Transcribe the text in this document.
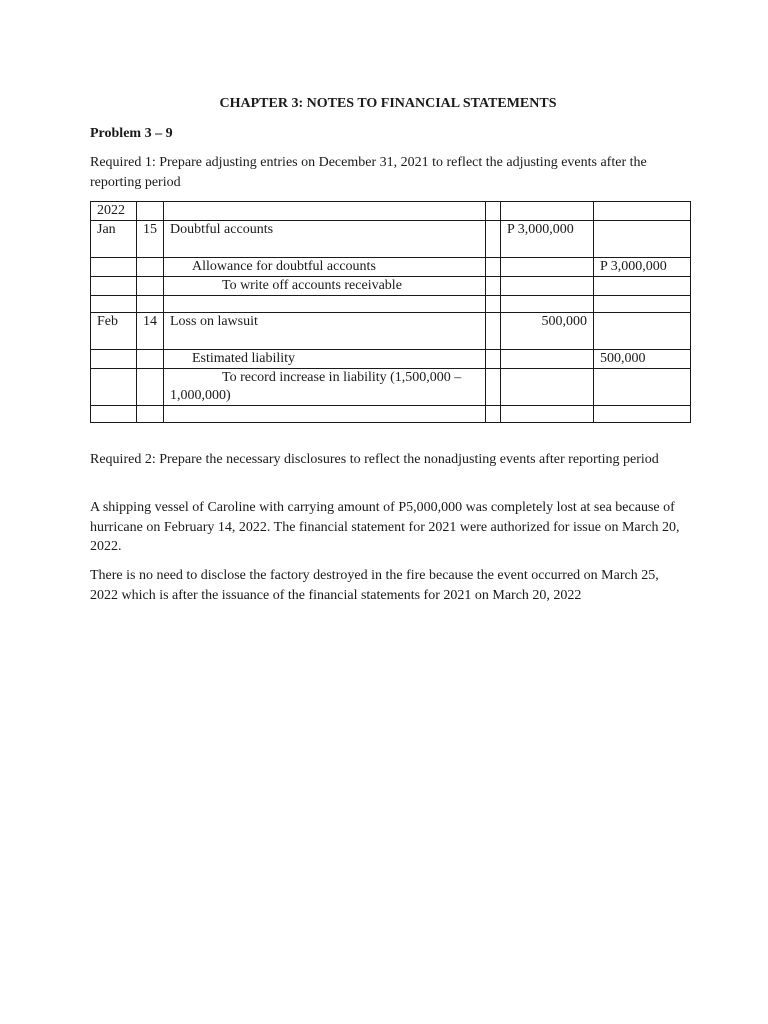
CHAPTER 3: NOTES TO FINANCIAL STATEMENTS
Problem 3 – 9
Required 1: Prepare adjusting entries on December 31, 2021 to reflect the adjusting events after the reporting period
2022					
Jan	15	Doubtful accounts		P 3,000,000	
		Allowance for doubtful accounts			P 3,000,000
		To write off accounts receivable			

Feb	14	Loss on lawsuit		500,000	
		Estimated liability			500,000

		To record increase in liability (1,500,000 – 1,000,000)			

Required 2: Prepare the necessary disclosures to reflect the nonadjusting events after reporting period
A shipping vessel of Caroline with carrying amount of P5,000,000 was completely lost at sea because of hurricane on February 14, 2022. The financial statement for 2021 were authorized for issue on March 20, 2022.
There is no need to disclose the factory destroyed in the fire because the event occurred on March 25, 2022 which is after the issuance of the financial statements for 2021 on March 20, 2022
